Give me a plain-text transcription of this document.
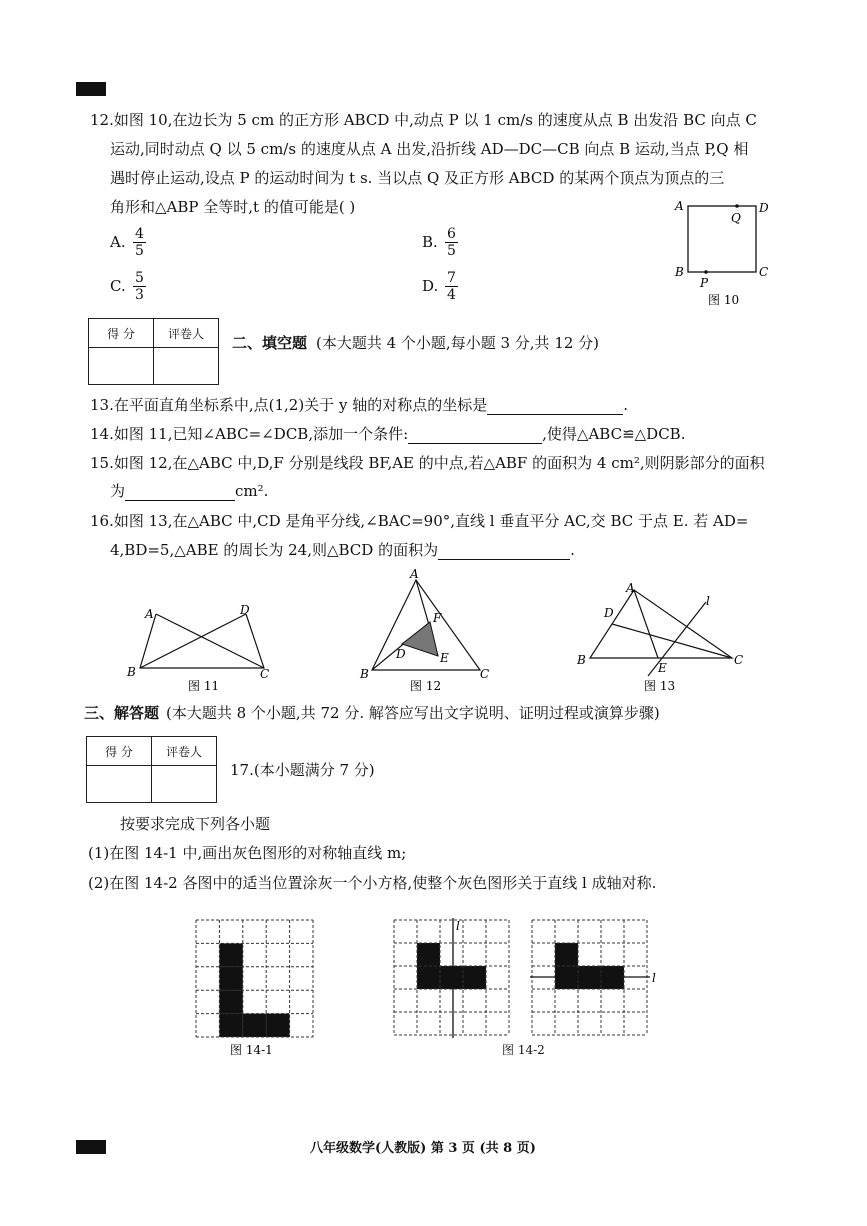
12.如图 10,在边长为 5 cm 的正方形 ABCD 中,动点 P 以 1 cm/s 的速度从点 B 出发沿 BC 向点 C
运动,同时动点 Q 以 5 cm/s 的速度从点 A 出发,沿折线 AD—DC—CB 向点 B 运动,当点 P,Q 相
遇时停止运动,设点 P 的运动时间为 t s. 当以点 Q 及正方形 ABCD 的某两个顶点为顶点的三
角形和△ABP 全等时,t 的值可能是( )
A. $\frac{4}{5}$	B. $\frac{6}{5}$
C. $\frac{5}{3}$	D. $\frac{7}{4}$
A	D
Q
B	C
P
图 10
得 分	评卷人

二、填空题 (本大题共 4 个小题,每小题 3 分,共 12 分)
13.在平面直角坐标系中,点(1,2)关于 y 轴的对称点的坐标是	.
14.如图 11,已知∠ABC=∠DCB,添加一个条件:	,使得△ABC≌△DCB.
15.如图 12,在△ABC 中,D,F 分别是线段 BF,AE 的中点,若△ABF 的面积为 4 cm²,则阴影部分的面积
为	cm².
16.如图 13,在△ABC 中,CD 是角平分线,∠BAC=90°,直线 l 垂直平分 AC,交 BC 于点 E. 若 AD=
4,BD=5,△ABE 的周长为 24,则△BCD 的面积为	.
A	D
B	C
图 11
A
F
D	E
B	C
图 12
A
l
D
B
E
C
图 13
三、解答题 (本大题共 8 个小题,共 72 分. 解答应写出文字说明、证明过程或演算步骤)
得 分	评卷人

17.(本小题满分 7 分)
按要求完成下列各小题
(1)在图 14-1 中,画出灰色图形的对称轴直线 m;
(2)在图 14-2 各图中的适当位置涂灰一个小方格,使整个灰色图形关于直线 l 成轴对称.
图 14-1
l
l
图 14-2
八年级数学(人教版) 第 3 页 (共 8 页)
